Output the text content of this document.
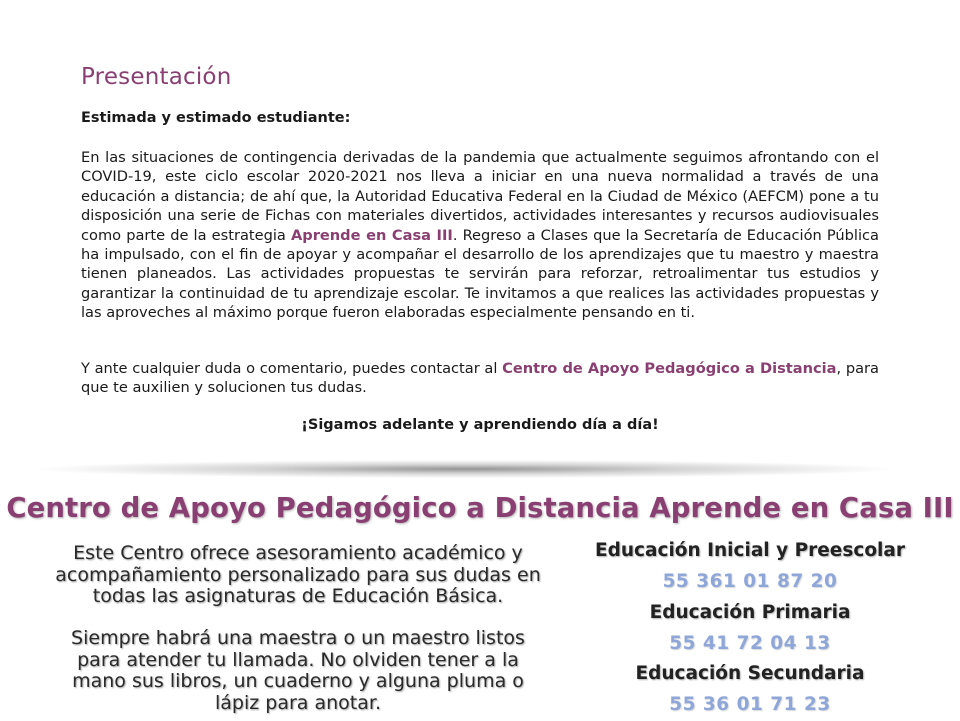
Presentación
Estimada y estimado estudiante:

En las situaciones de contingencia derivadas de la pandemia que actualmente seguimos afrontando con el COVID-19, este ciclo escolar 2020-2021 nos lleva a iniciar en una nueva normalidad a través de una educación a distancia; de ahí que, la Autoridad Educativa Federal en la Ciudad de México (AEFCM) pone a tu disposición una serie de Fichas con materiales divertidos, actividades interesantes y recursos audiovisuales como parte de la estrategia Aprende en Casa III. Regreso a Clases que la Secretaría de Educación Pública ha impulsado, con el fin de apoyar y acompañar el desarrollo de los aprendizajes que tu maestro y maestra tienen planeados. Las actividades propuestas te servirán para reforzar, retroalimentar tus estudios y garantizar la continuidad de tu aprendizaje escolar. Te invitamos a que realices las actividades propuestas y las aproveches al máximo porque fueron elaboradas especialmente pensando en ti.

Y ante cualquier duda o comentario, puedes contactar al Centro de Apoyo Pedagógico a Distancia, para que te auxilien y solucionen tus dudas.

¡Sigamos adelante y aprendiendo día a día!
Centro de Apoyo Pedagógico a Distancia Aprende en Casa III

Este Centro ofrece asesoramiento académico y acompañamiento personalizado para sus dudas en todas las asignaturas de Educación Básica.

Siempre habrá una maestra o un maestro listos para atender tu llamada. No olviden tener a la mano sus libros, un cuaderno y alguna pluma o lápiz para anotar.

Educación Inicial y Preescolar
55 361 01 87 20
Educación Primaria
55 41 72 04 13
Educación Secundaria
55 36 01 71 23
